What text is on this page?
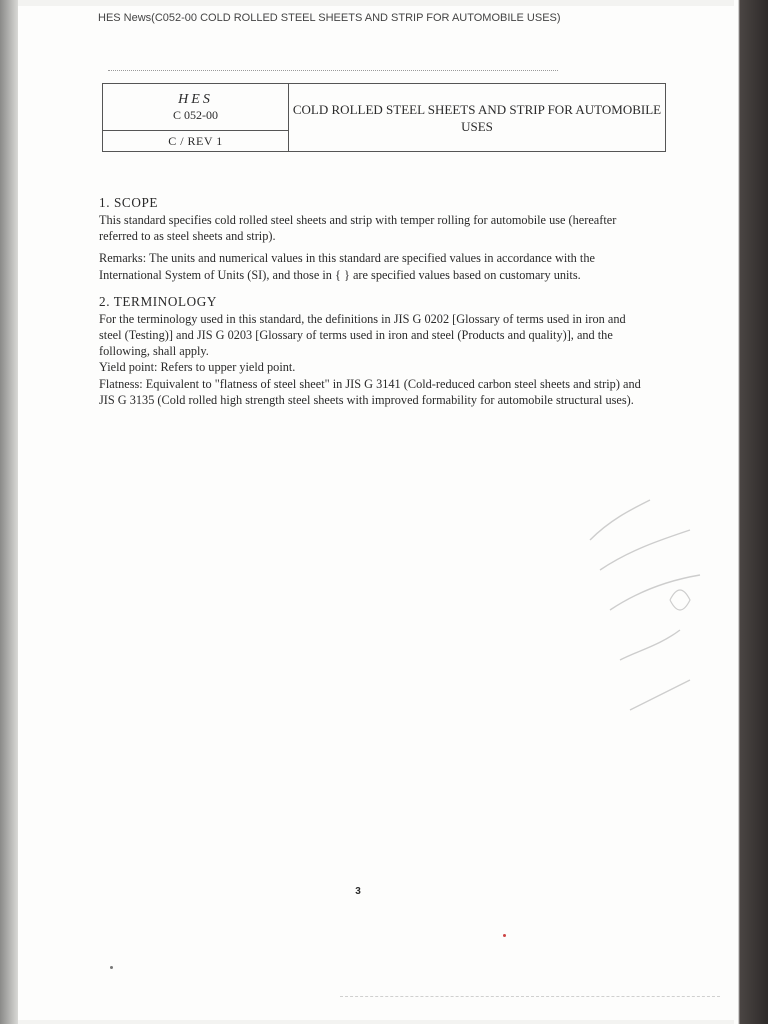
HES News(C052-00 COLD ROLLED STEEL SHEETS AND STRIP FOR AUTOMOBILE USES)
HES
C 052-00	COLD ROLLED STEEL SHEETS AND STRIP FOR AUTOMOBILE USES
C / REV 1
1. SCOPE

This standard specifies cold rolled steel sheets and strip with temper rolling for automobile use (hereafter referred to as steel sheets and strip).

Remarks: The units and numerical values in this standard are specified values in accordance with the International System of Units (SI), and those in { } are specified values based on customary units.

2. TERMINOLOGY

For the terminology used in this standard, the definitions in JIS G 0202 [Glossary of terms used in iron and steel (Testing)] and JIS G 0203 [Glossary of terms used in iron and steel (Products and quality)], and the following, shall apply.

Yield point: Refers to upper yield point.

Flatness: Equivalent to "flatness of steel sheet" in JIS G 3141 (Cold-reduced carbon steel sheets and strip) and JIS G 3135 (Cold rolled high strength steel sheets with improved formability for automobile structural uses).

3
